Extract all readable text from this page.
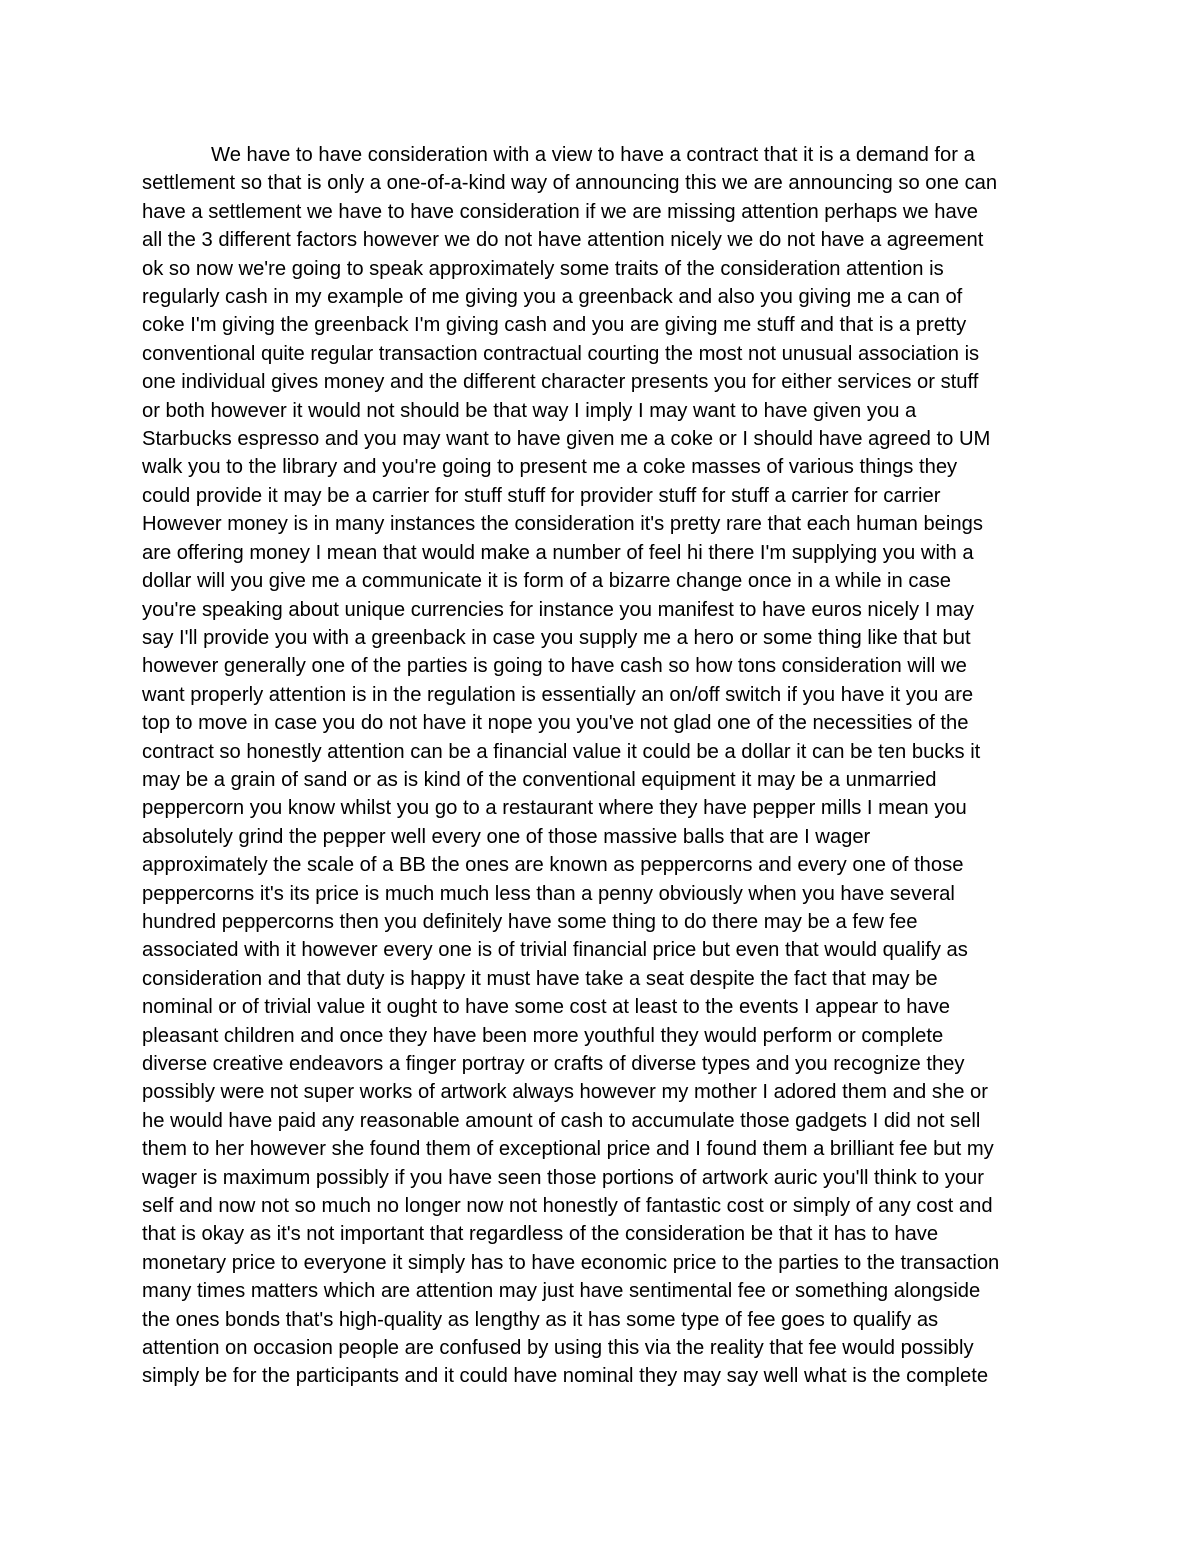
We have to have consideration with a view to have a contract that it is a demand for a
settlement so that is only a one-of-a-kind way of announcing this we are announcing so one can
have a settlement we have to have consideration if we are missing attention perhaps we have
all the 3 different factors however we do not have attention nicely we do not have a agreement
ok so now we're going to speak approximately some traits of the consideration attention is
regularly cash in my example of me giving you a greenback and also you giving me a can of
coke I'm giving the greenback I'm giving cash and you are giving me stuff and that is a pretty
conventional quite regular transaction contractual courting the most not unusual association is
one individual gives money and the different character presents you for either services or stuff
or both however it would not should be that way I imply I may want to have given you a
Starbucks espresso and you may want to have given me a coke or I should have agreed to UM
walk you to the library and you're going to present me a coke masses of various things they
could provide it may be a carrier for stuff stuff for provider stuff for stuff a carrier for carrier
However money is in many instances the consideration it's pretty rare that each human beings
are offering money I mean that would make a number of feel hi there I'm supplying you with a
dollar will you give me a communicate it is form of a bizarre change once in a while in case
you're speaking about unique currencies for instance you manifest to have euros nicely I may
say I'll provide you with a greenback in case you supply me a hero or some thing like that but
however generally one of the parties is going to have cash so how tons consideration will we
want properly attention is in the regulation is essentially an on/off switch if you have it you are
top to move in case you do not have it nope you you've not glad one of the necessities of the
contract so honestly attention can be a financial value it could be a dollar it can be ten bucks it
may be a grain of sand or as is kind of the conventional equipment it may be a unmarried
peppercorn you know whilst you go to a restaurant where they have pepper mills I mean you
absolutely grind the pepper well every one of those massive balls that are I wager
approximately the scale of a BB the ones are known as peppercorns and every one of those
peppercorns it's its price is much much less than a penny obviously when you have several
hundred peppercorns then you definitely have some thing to do there may be a few fee
associated with it however every one is of trivial financial price but even that would qualify as
consideration and that duty is happy it must have take a seat despite the fact that may be
nominal or of trivial value it ought to have some cost at least to the events I appear to have
pleasant children and once they have been more youthful they would perform or complete
diverse creative endeavors a finger portray or crafts of diverse types and you recognize they
possibly were not super works of artwork always however my mother I adored them and she or
he would have paid any reasonable amount of cash to accumulate those gadgets I did not sell
them to her however she found them of exceptional price and I found them a brilliant fee but my
wager is maximum possibly if you have seen those portions of artwork auric you'll think to your
self and now not so much no longer now not honestly of fantastic cost or simply of any cost and
that is okay as it's not important that regardless of the consideration be that it has to have
monetary price to everyone it simply has to have economic price to the parties to the transaction
many times matters which are attention may just have sentimental fee or something alongside
the ones bonds that's high-quality as lengthy as it has some type of fee goes to qualify as
attention on occasion people are confused by using this via the reality that fee would possibly
simply be for the participants and it could have nominal they may say well what is the complete
